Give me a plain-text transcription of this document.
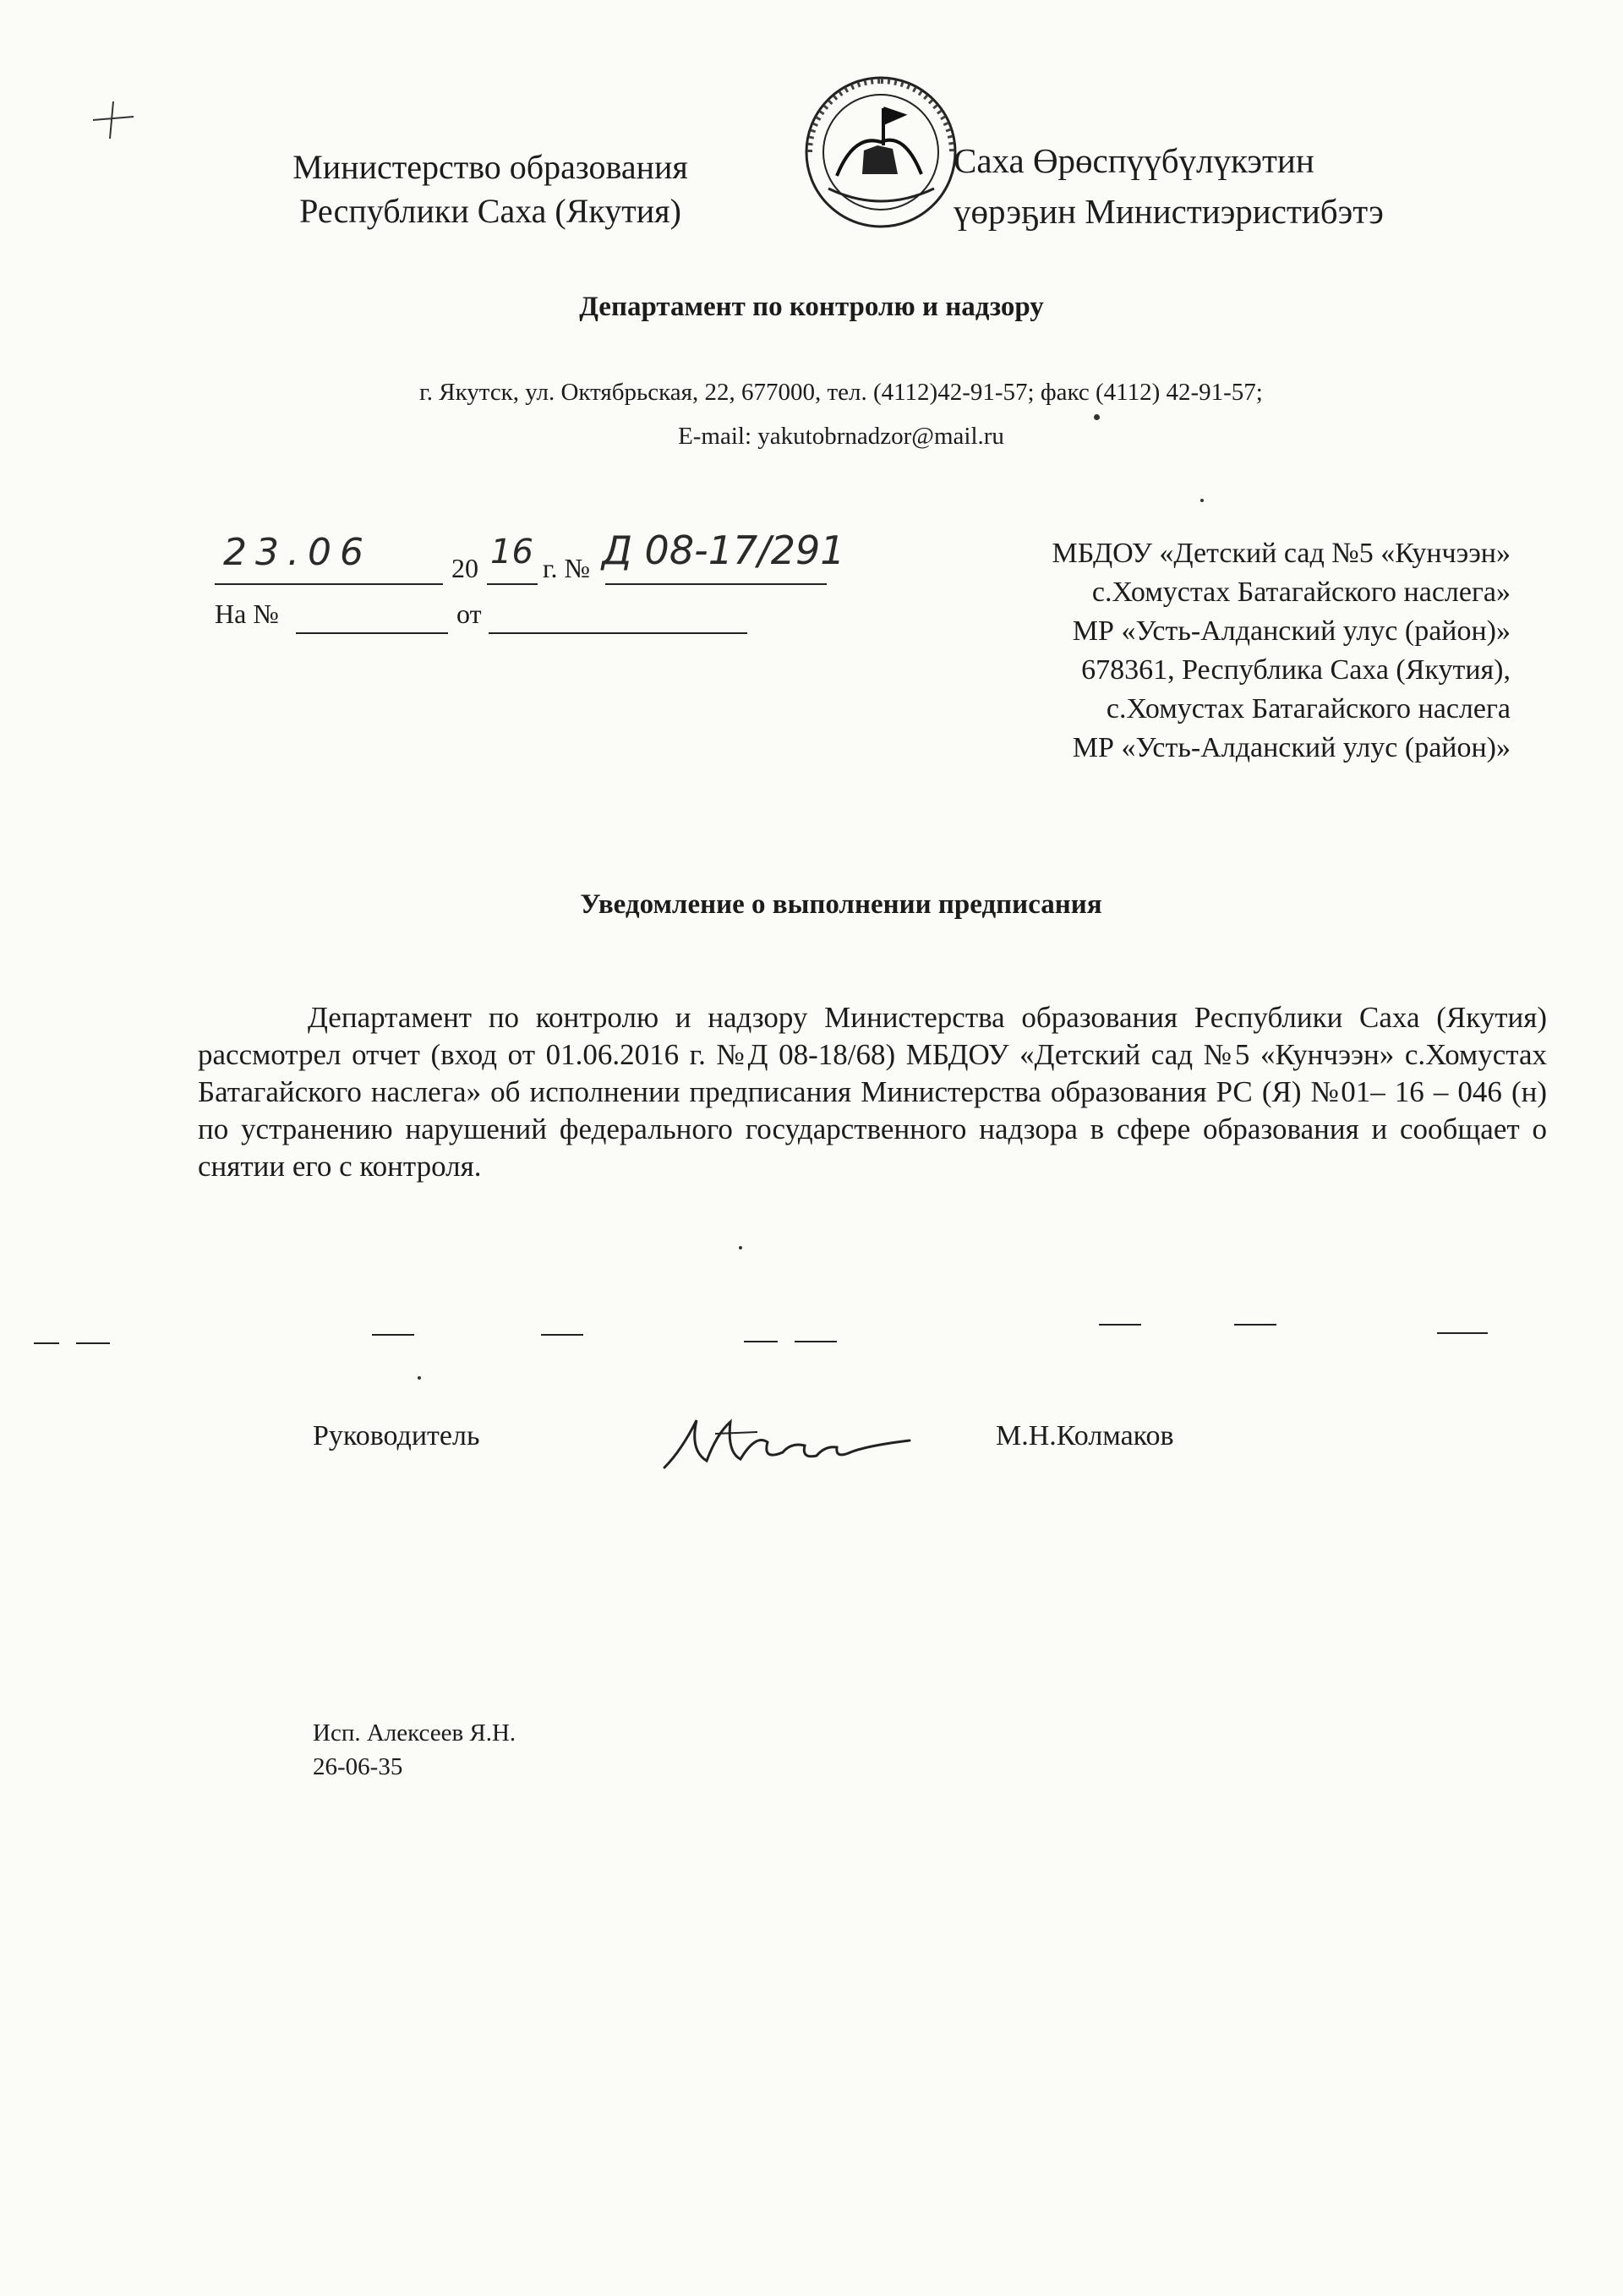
Министерство образования
Республики Саха (Якутия)
Саха Өрөспүүбүлүкэтин
үөрэҕин Министиэристибэтэ
Департамент по контролю и надзору
г. Якутск, ул. Октябрьская, 22, 677000, тел. (4112)42-91-57; факс (4112) 42-91-57;
E-mail: yakutobrnadzor@mail.ru
23.06	20 16 г. № Д 08-17/291
На №	от
МБДОУ «Детский сад №5 «Кунчээн»
с.Хомустах Батагайского наслега»
МР «Усть-Алданский улус (район)»
678361, Республика Саха (Якутия),
с.Хомустах Батагайского наслега
МР «Усть-Алданский улус (район)»
Уведомление о выполнении предписания
Департамент по контролю и надзору Министерства образования Республики Саха (Якутия) рассмотрел отчет (вход от 01.06.2016 г. №Д 08-18/68) МБДОУ «Детский сад №5 «Кунчээн» с.Хомустах Батагайского наслега» об исполнении предписания Министерства образования РС (Я) №01– 16 – 046 (н) по устранению нарушений федерального государственного надзора в сфере образования и сообщает о снятии его с контроля.
Руководитель	М.Н.Колмаков
Исп. Алексеев Я.Н.
26-06-35
